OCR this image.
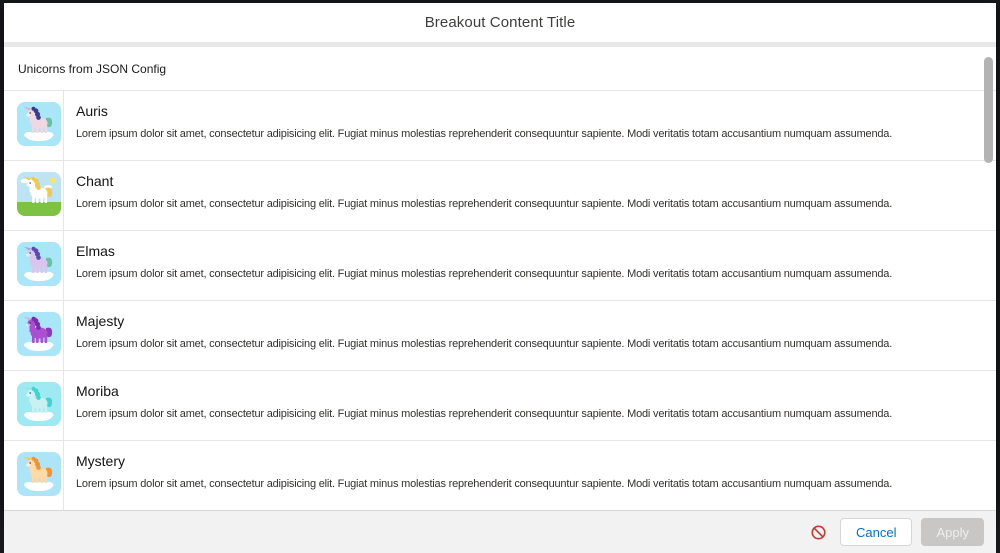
Breakout Content Title
Unicorns from JSON Config
Auris
Lorem ipsum dolor sit amet, consectetur adipisicing elit. Fugiat minus molestias reprehenderit consequuntur sapiente. Modi veritatis totam accusantium numquam assumenda.
Chant
Lorem ipsum dolor sit amet, consectetur adipisicing elit. Fugiat minus molestias reprehenderit consequuntur sapiente. Modi veritatis totam accusantium numquam assumenda.
Elmas
Lorem ipsum dolor sit amet, consectetur adipisicing elit. Fugiat minus molestias reprehenderit consequuntur sapiente. Modi veritatis totam accusantium numquam assumenda.
Majesty
Lorem ipsum dolor sit amet, consectetur adipisicing elit. Fugiat minus molestias reprehenderit consequuntur sapiente. Modi veritatis totam accusantium numquam assumenda.
Moriba
Lorem ipsum dolor sit amet, consectetur adipisicing elit. Fugiat minus molestias reprehenderit consequuntur sapiente. Modi veritatis totam accusantium numquam assumenda.
Mystery
Lorem ipsum dolor sit amet, consectetur adipisicing elit. Fugiat minus molestias reprehenderit consequuntur sapiente. Modi veritatis totam accusantium numquam assumenda.
Cancel	Apply
